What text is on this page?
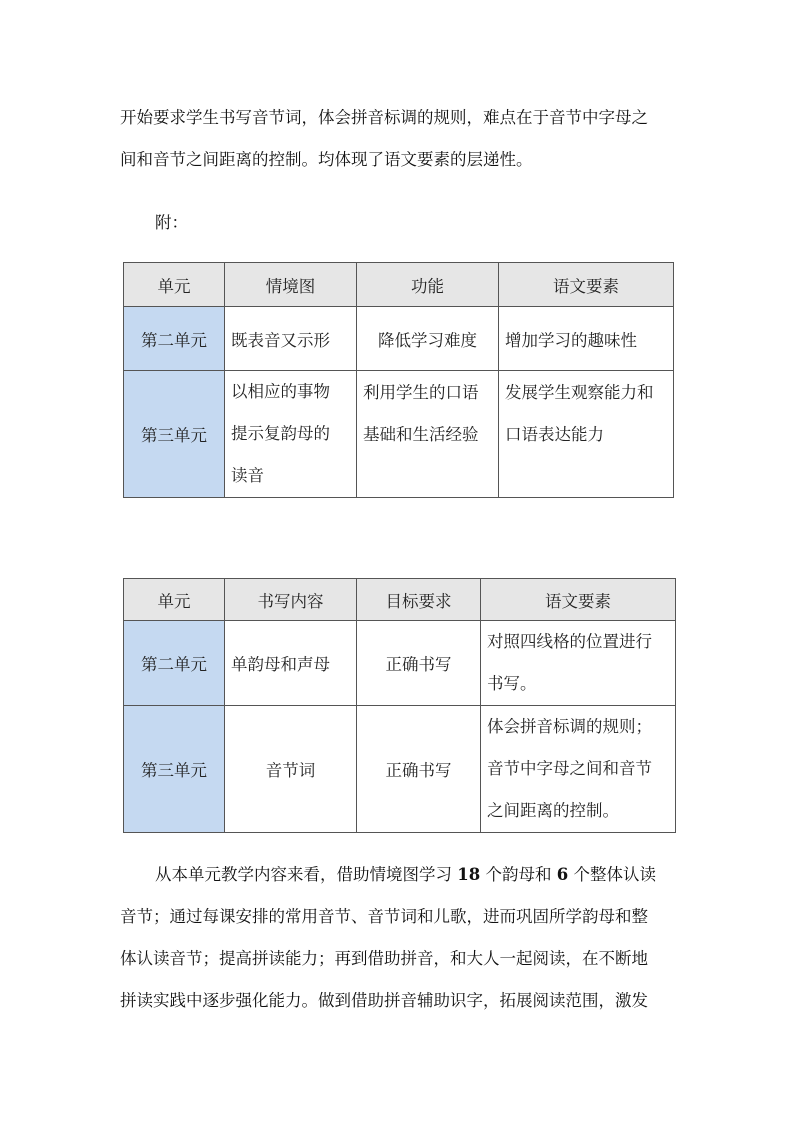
开始要求学生书写音节词，体会拼音标调的规则，难点在于音节中字母之

间和音节之间距离的控制。均体现了语文要素的层递性。

附：

单元	情境图	功能	语文要素
第二单元	既表音又示形	降低学习难度	增加学习的趣味性
第三单元	以相应的事物
提示复韵母的
读音	利用学生的口语
基础和生活经验	发展学生观察能力和
口语表达能力
单元	书写内容	目标要求	语文要素
第二单元	单韵母和声母	正确书写	对照四线格的位置进行
书写。

第三单元	音节词	正确书写	体会拼音标调的规则；
音节中字母之间和音节
之间距离的控制。

从本单元教学内容来看，借助情境图学习 18 个韵母和 6 个整体认读

音节；通过每课安排的常用音节、音节词和儿歌，进而巩固所学韵母和整

体认读音节；提高拼读能力；再到借助拼音，和大人一起阅读，在不断地

拼读实践中逐步强化能力。做到借助拼音辅助识字，拓展阅读范围，激发
